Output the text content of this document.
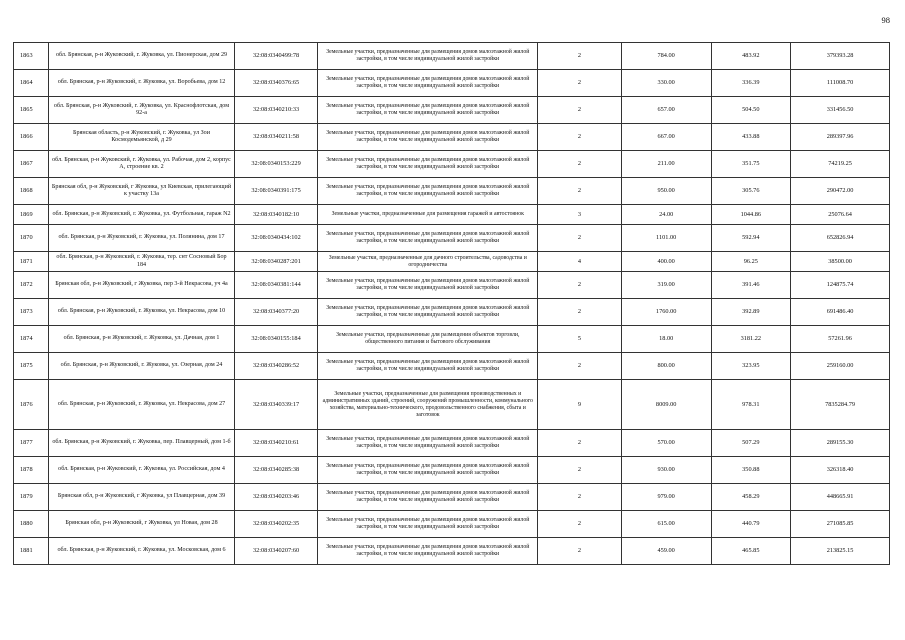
98
1863	обл. Брянская, р-н Жуковский, г. Жуковка, ул. Пионерская, дом 29	32:08:0340499:78	Земельные участки, предназначенные для размещения домов малоэтажной жилой застройки, в том числе индивидуальной жилой застройки	2	784.00	483.92	379393.28
1864	обл. Брянская, р-н Жуковский, г. Жуковка, ул. Воробьева, дом 12	32:08:0340376:65	Земельные участки, предназначенные для размещения домов малоэтажной жилой застройки, в том числе индивидуальной жилой застройки	2	330.00	336.39	111008.70
1865	обл. Брянская, р-н Жуковский, г. Жуковка, ул. Краснофлотская, дом 92-а	32:08:0340210:33	Земельные участки, предназначенные для размещения домов малоэтажной жилой застройки, в том числе индивидуальной жилой застройки	2	657.00	504.50	331456.50
1866	Брянская область, р-н Жуковский, г. Жуковка, ул Зои Космодемьянской, д 29	32:08:0340211:58	Земельные участки, предназначенные для размещения домов малоэтажной жилой застройки, в том числе индивидуальной жилой застройки	2	667.00	433.88	289397.96
1867	обл. Брянская, р-н Жуковский, г. Жуковка, ул. Рабочая, дом 2, корпус А, строение кв. 2	32:08:0340153:229	Земельные участки, предназначенные для размещения домов малоэтажной жилой застройки, в том числе индивидуальной жилой застройки	2	211.00	351.75	74219.25
1868	Брянская обл, р-н Жуковский, г Жуковка, ул Киевская, прилегающий к участку 13а	32:08:0340391:175	Земельные участки, предназначенные для размещения домов малоэтажной жилой застройки, в том числе индивидуальной жилой застройки	2	950.00	305.76	290472.00
1869	обл. Брянская, р-н Жуковский, г. Жуковка, ул. Футбольная, гараж N2	32:08:0340182:10	Земельные участки, предназначенные для размещения гаражей и автостоянок	3	24.00	1044.86	25076.64
1870	обл. Брянская, р-н Жуковский, г. Жуковка, ул. Полянина, дом 17	32:08:0340434:102	Земельные участки, предназначенные для размещения домов малоэтажной жилой застройки, в том числе индивидуальной жилой застройки	2	1101.00	592.94	652826.94
1871	обл. Брянская, р-н Жуковский, г. Жуковка, тер. снт Сосновый Бор 184	32:08:0340287:201	Земельные участки, предназначенные для дачного строительства, садоводства и огородничества	4	400.00	96.25	38500.00
1872	Брянская обл, р-н Жуковский, г Жуковка, пер 3-й Некрасова, уч 4а	32:08:0340381:144	Земельные участки, предназначенные для размещения домов малоэтажной жилой застройки, в том числе индивидуальной жилой застройки	2	319.00	391.46	124875.74
1873	обл. Брянская, р-н Жуковский, г. Жуковка, ул. Некрасова, дом 10	32:08:0340377:20	Земельные участки, предназначенные для размещения домов малоэтажной жилой застройки, в том числе индивидуальной жилой застройки	2	1760.00	392.89	691486.40
1874	обл. Брянская, р-н Жуковский, г. Жуковка, ул. Дачная, дом 1	32:08:0340155:184	Земельные участки, предназначенные для размещения объектов торговли, общественного питания и бытового обслуживания	5	18.00	3181.22	57261.96
1875	обл. Брянская, р-н Жуковский, г. Жуковка, ул. Озерная, дом 24	32:08:0340286:52	Земельные участки, предназначенные для размещения домов малоэтажной жилой застройки, в том числе индивидуальной жилой застройки	2	800.00	323.95	259160.00
1876	обл. Брянская, р-н Жуковский, г. Жуковка, ул. Некрасова, дом 27	32:08:0340339:17	Земельные участки, предназначенные для размещения производственных и административных зданий, строений, сооружений промышленности, коммунального хозяйства, материально-технического, продовольственного снабжения, сбыта и заготовок	9	8009.00	978.31	7835284.79
1877	обл. Брянская, р-н Жуковский, г. Жуковка, пер. Плавцерный, дом 1-б	32:08:0340210:61	Земельные участки, предназначенные для размещения домов малоэтажной жилой застройки, в том числе индивидуальной жилой застройки	2	570.00	507.29	289155.30
1878	обл. Брянская, р-н Жуковский, г. Жуковка, ул. Российская, дом 4	32:08:0340285:38	Земельные участки, предназначенные для размещения домов малоэтажной жилой застройки, в том числе индивидуальной жилой застройки	2	930.00	350.88	326318.40
1879	Брянская обл, р-н Жуковский, г Жуковка, ул Плавцерная, дом 39	32:08:0340203:46	Земельные участки, предназначенные для размещения домов малоэтажной жилой застройки, в том числе индивидуальной жилой застройки	2	979.00	458.29	448665.91
1880	Брянская обл, р-н Жуковский, г Жуковка, ул Новая, дом 28	32:08:0340202:35	Земельные участки, предназначенные для размещения домов малоэтажной жилой застройки, в том числе индивидуальной жилой застройки	2	615.00	440.79	271085.85
1881	обл. Брянская, р-н Жуковский, г. Жуковка, ул. Московская, дом 6	32:08:0340207:60	Земельные участки, предназначенные для размещения домов малоэтажной жилой застройки, в том числе индивидуальной жилой застройки	2	459.00	465.85	213825.15
